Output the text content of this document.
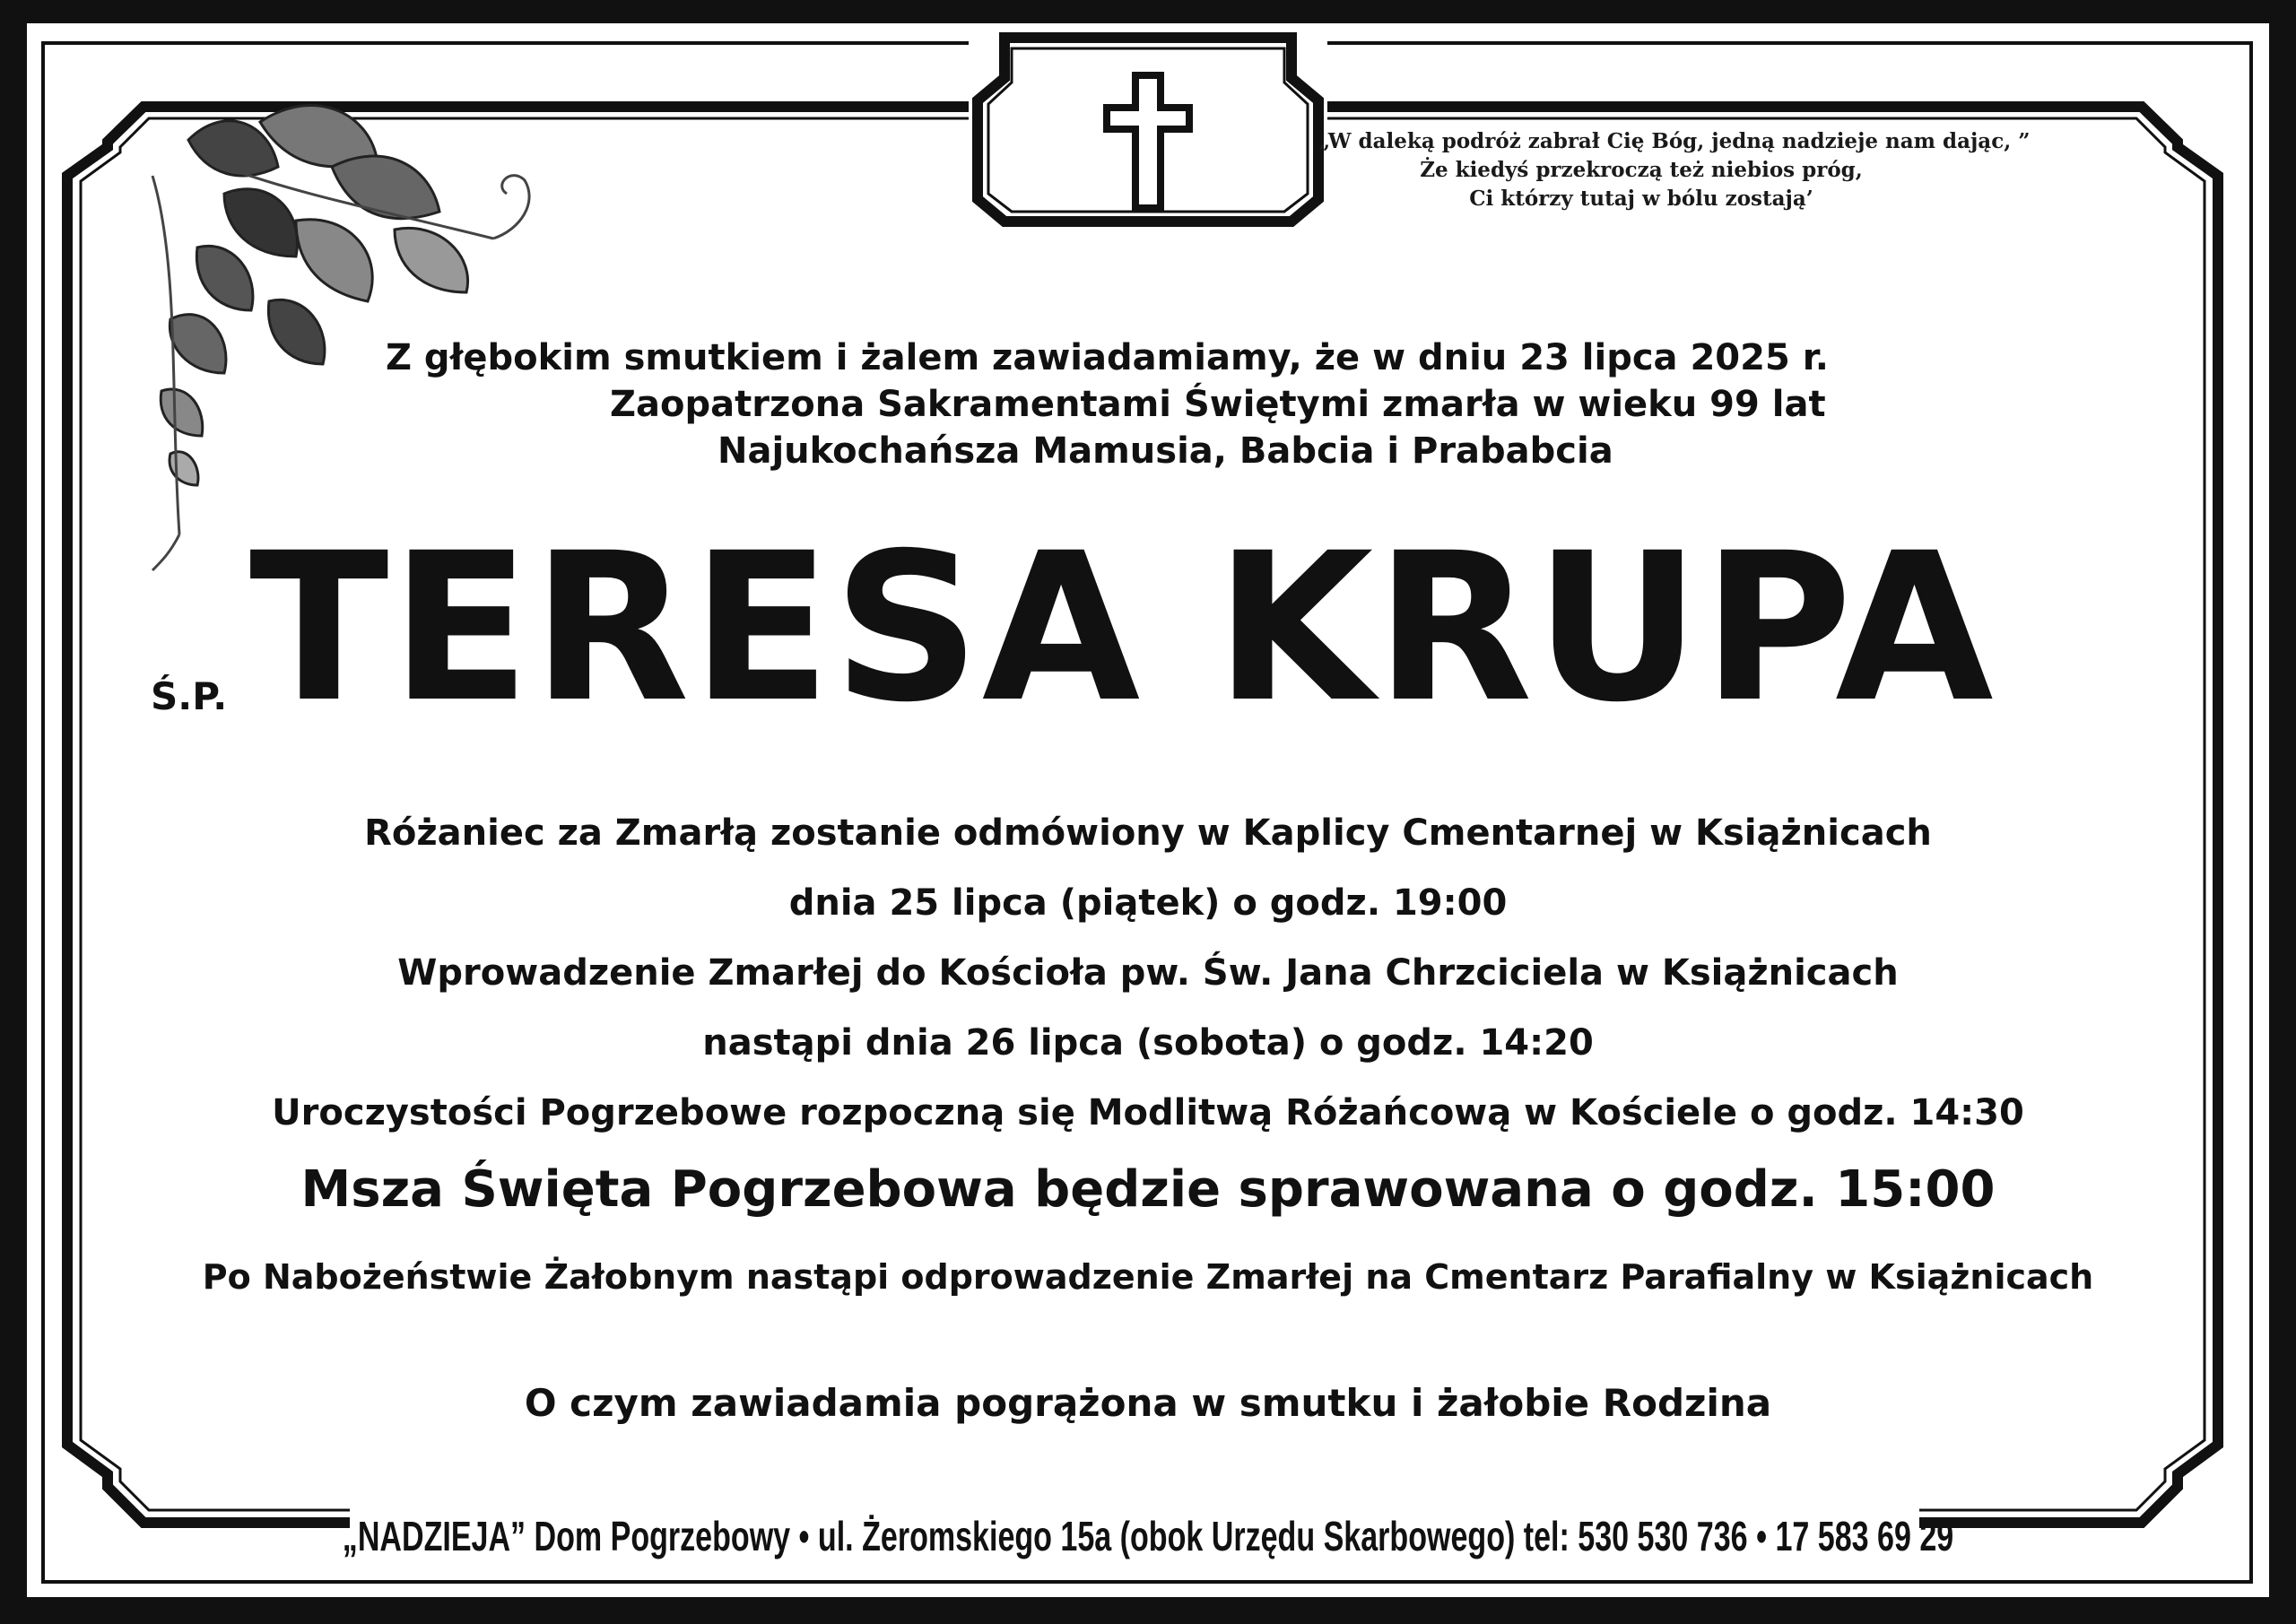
„W daleką podróż zabrał Cię Bóg, jedną nadzieje nam dając, ”
Że kiedyś przekroczą też niebios próg,
Ci którzy tutaj w bólu zostają’
Z głębokim smutkiem i żalem zawiadamiamy, że w dniu 23 lipca 2025 r.
Zaopatrzona Sakramentami Świętymi zmarła w wieku 99 lat
Najukochańsza Mamusia, Babcia i Prababcia
Ś.P. TERESA KRUPA
Różaniec za Zmarłą zostanie odmówiony w Kaplicy Cmentarnej w Książnicach
dnia 25 lipca (piątek) o godz. 19:00
Wprowadzenie Zmarłej do Kościoła pw. Św. Jana Chrzciciela w Książnicach
nastąpi dnia 26 lipca (sobota) o godz. 14:20
Uroczystości Pogrzebowe rozpoczną się Modlitwą Różańcową w Kościele o godz. 14:30
Msza Święta Pogrzebowa będzie sprawowana o godz. 15:00
Po Nabożeństwie Żałobnym nastąpi odprowadzenie Zmarłej na Cmentarz Parafialny w Książnicach
O czym zawiadamia pogrążona w smutku i żałobie Rodzina
„NADZIEJA” Dom Pogrzebowy • ul. Żeromskiego 15a (obok Urzędu Skarbowego) tel: 530 530 736 • 17 583 69 29
